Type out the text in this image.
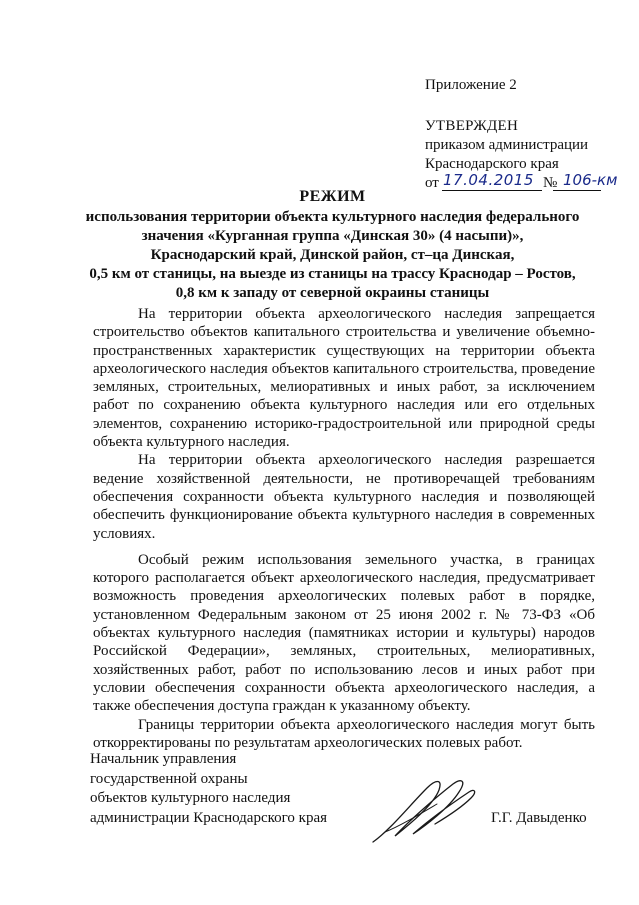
Приложение 2
УТВЕРЖДЕН
приказом администрации
Краснодарского края
от 17.04.2015 № 106-км
РЕЖИМ
использования территории объекта культурного наследия федерального
значения «Курганная группа «Динская 30» (4 насыпи)»,
Краснодарский край, Динской район, ст–ца Динская,
0,5 км от станицы, на выезде из станицы на трассу Краснодар – Ростов,
0,8 км к западу от северной окраины станицы

На территории объекта археологического наследия запрещается строительство объектов капитального строительства и увеличение объемно-пространственных характеристик существующих на территории объекта археологического наследия объектов капитального строительства, проведение земляных, строительных, мелиоративных и иных работ, за исключением работ по сохранению объекта культурного наследия или его отдельных элементов, сохранению историко-градостроительной или природной среды объекта культурного наследия.

На территории объекта археологического наследия разрешается ведение хозяйственной деятельности, не противоречащей требованиям обеспечения сохранности объекта культурного наследия и позволяющей обеспечить функционирование объекта культурного наследия в современных условиях.

Особый режим использования земельного участка, в границах которого располагается объект археологического наследия, предусматривает возможность проведения археологических полевых работ в порядке, установленном Федеральным законом от 25 июня 2002 г. № 73-ФЗ «Об объектах культурного наследия (памятниках истории и культуры) народов Российской Федерации», земляных, строительных, мелиоративных, хозяйственных работ, работ по использованию лесов и иных работ при условии обеспечения сохранности объекта археологического наследия, а также обеспечения доступа граждан к указанному объекту.

Границы территории объекта археологического наследия могут быть откорректированы по результатам археологических полевых работ.

Начальник управления
государственной охраны
объектов культурного наследия
администрации Краснодарского края	Г.Г. Давыденко
